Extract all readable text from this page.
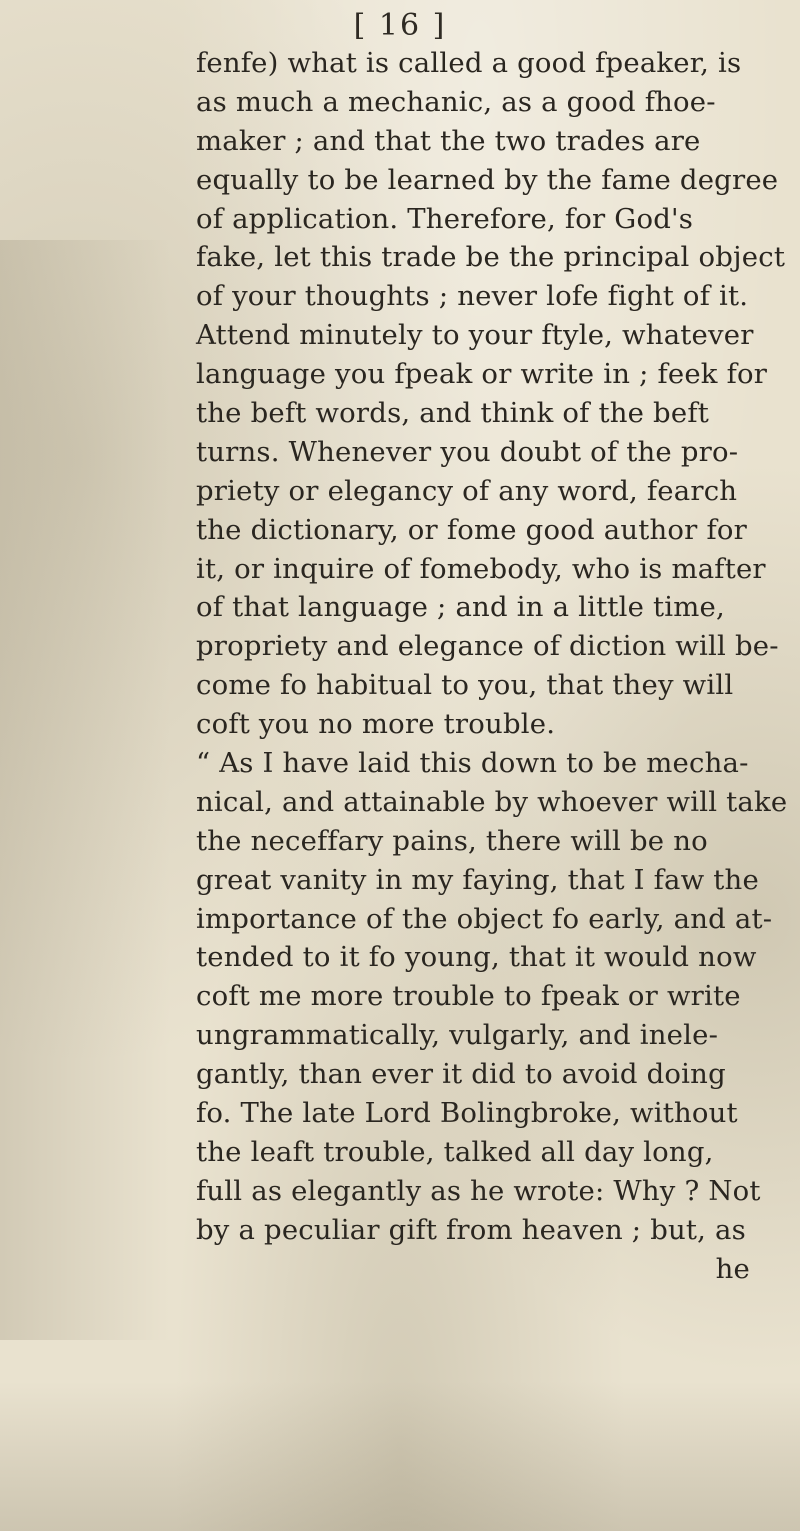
[ 16 ]
fenfe) what is called a good fpeaker, is
as much a mechanic, as a good fhoe-
maker ; and that the two trades are
equally to be learned by the fame degree
of application. Therefore, for God's
fake, let this trade be the principal object
of your thoughts ; never lofe fight of it.
Attend minutely to your ftyle, whatever
language you fpeak or write in ; feek for
the beft words, and think of the beft
turns. Whenever you doubt of the pro-
priety or elegancy of any word, fearch
the dictionary, or fome good author for
it, or inquire of fomebody, who is mafter
of that language ; and in a little time,
propriety and elegance of diction will be-
come fo habitual to you, that they will
coft you no more trouble.
“ As I have laid this down to be mecha-
nical, and attainable by whoever will take
the neceffary pains, there will be no
great vanity in my faying, that I faw the
importance of the object fo early, and at-
tended to it fo young, that it would now
coft me more trouble to fpeak or write
ungrammatically, vulgarly, and inele-
gantly, than ever it did to avoid doing
fo. The late Lord Bolingbroke, without
the leaft trouble, talked all day long,
full as elegantly as he wrote: Why ? Not
by a peculiar gift from heaven ; but, as
he
